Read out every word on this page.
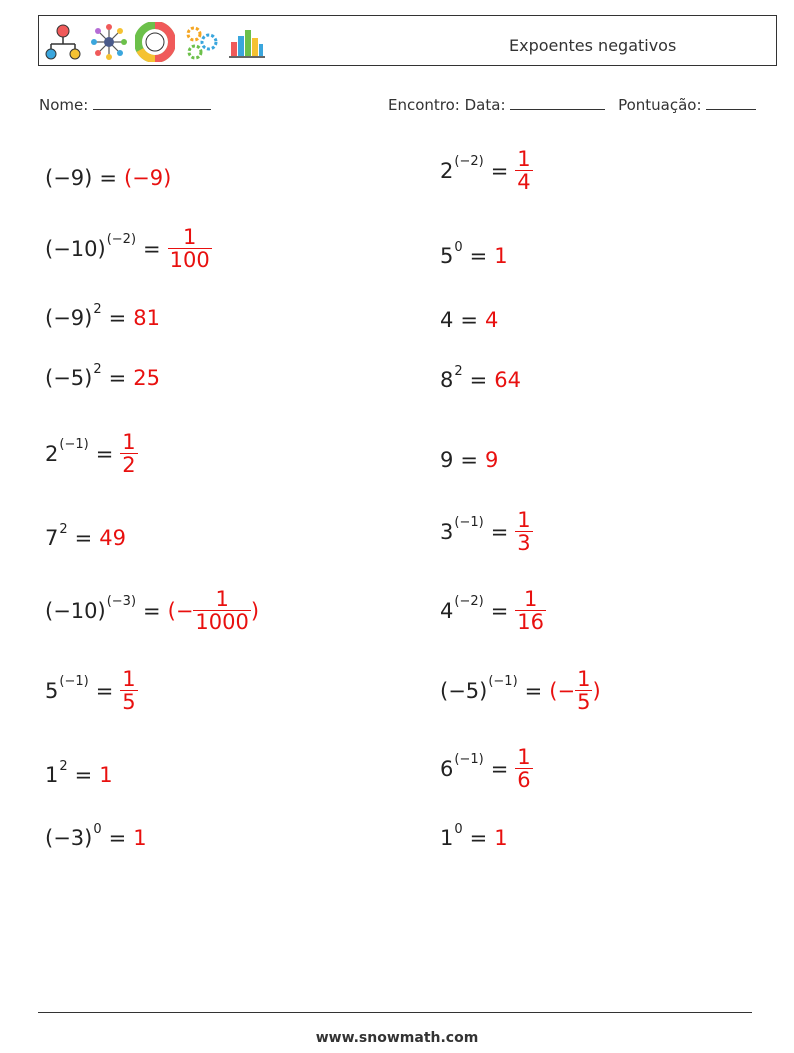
Expoentes negativos
Nome:	Encontro: Data:	Pontuação:
(−9) = (−9)	2 $(-2) = \frac{1}{4}$
(−10) $(-2) = \frac{1}{100}$	5 0 = 1
(−9) 2 = 81	4 = 4
(−5) 2 = 25	8 2 = 64
2 $(-1) = \frac{1}{2}$	9 = 9
7 2 = 49	3 $(-1) = \frac{1}{3}$
(−10) (−3) = (− $\frac{1}{1000}$ )	4 $(-2) = \frac{1}{16}$
5 $(-1) = \frac{1}{5}$	(−5) (−1) = (− $\frac{1}{5}$ )
1 2 = 1	6 $(-1) = \frac{1}{6}$
(−3) 0 = 1	1 0 = 1
www.snowmath.com
